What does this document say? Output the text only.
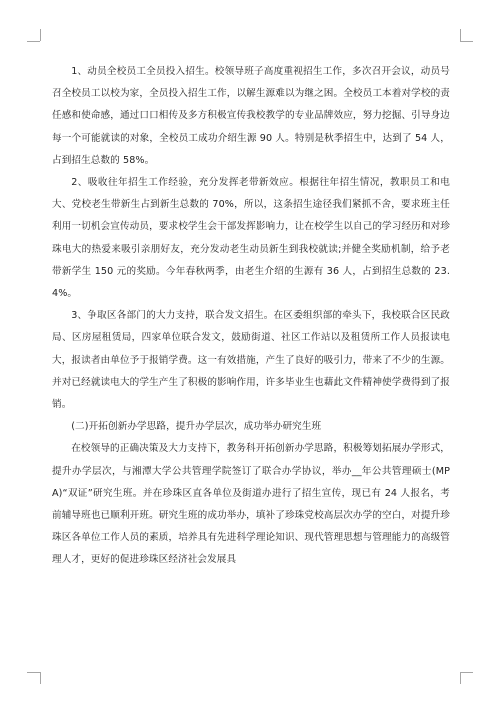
1、动员全校员工全员投入招生。校领导班子高度重视招生工作，多次召开会议，动员号召全校员工以校为家，全员投入招生工作，以解生源难以为继之困。全校员工本着对学校的责任感和使命感，通过口口相传及多方积极宣传我校教学的专业品牌效应，努力挖掘、引导身边每一个可能就读的对象，全校员工成功介绍生源 90 人。特别是秋季招生中，达到了 54 人，占到招生总数的 58%。

2、吸收往年招生工作经验，充分发挥老带新效应。根据往年招生情况，教职员工和电大、党校老生带新生占到新生总数的 70%，所以，这条招生途径我们紧抓不舍，要求班主任利用一切机会宣传动员，要求校学生会干部发挥影响力，让在校学生以自己的学习经历和对珍珠电大的热爱来吸引亲朋好友，充分发动老生动员新生到我校就读;并健全奖励机制，给予老带新学生 150 元的奖励。今年春秋两季，由老生介绍的生源有 36 人，占到招生总数的 23.4%。

3、争取区各部门的大力支持，联合发文招生。在区委组织部的牵头下，我校联合区民政局、区房屋租赁局，四家单位联合发文，鼓励街道、社区工作站以及租赁所工作人员报读电大，报读者由单位予于报销学费。这一有效措施，产生了良好的吸引力，带来了不少的生源。并对已经就读电大的学生产生了积极的影响作用，许多毕业生也藉此文件精神使学费得到了报销。

(二)开拓创新办学思路，提升办学层次，成功举办研究生班

在校领导的正确决策及大力支持下，教务科开拓创新办学思路，积极筹划拓展办学形式，提升办学层次，与湘潭大学公共管理学院签订了联合办学协议，举办__年公共管理硕士(MPA)“双证”研究生班。并在珍珠区直各单位及街道办进行了招生宣传，现已有 24 人报名，考前辅导班也已顺利开班。研究生班的成功举办，填补了珍珠党校高层次办学的空白，对提升珍珠区各单位工作人员的素质，培养具有先进科学理论知识、现代管理思想与管理能力的高级管理人才，更好的促进珍珠区经济社会发展具
